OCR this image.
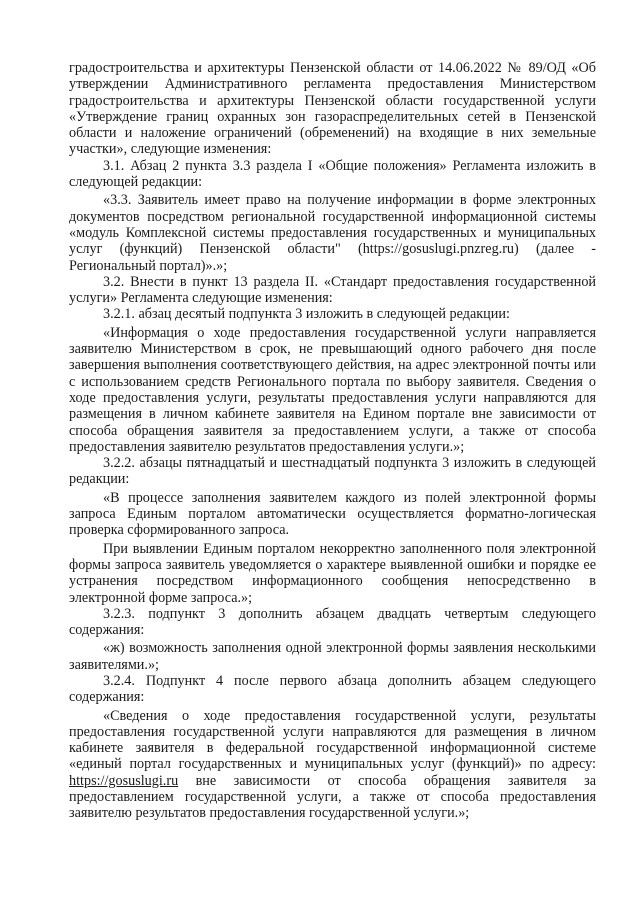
градостроительства и архитектуры Пензенской области от 14.06.2022 № 89/ОД «Об утверждении Административного регламента предоставления Министерством градостроительства и архитектуры Пензенской области государственной услуги «Утверждение границ охранных зон газораспределительных сетей в Пензенской области и наложение ограничений (обременений) на входящие в них земельные участки», следующие изменения:

3.1. Абзац 2 пункта 3.3 раздела I «Общие положения» Регламента изложить в следующей редакции:

«3.3. Заявитель имеет право на получение информации в форме электронных документов посредством региональной государственной информационной системы «модуль Комплексной системы предоставления государственных и муниципальных услуг (функций) Пензенской области" (https://gosuslugi.pnzreg.ru) (далее - Региональный портал)».»;

3.2. Внести в пункт 13 раздела II. «Стандарт предоставления государственной услуги» Регламента следующие изменения:

3.2.1. абзац десятый подпункта 3 изложить в следующей редакции:

«Информация о ходе предоставления государственной услуги направляется заявителю Министерством в срок, не превышающий одного рабочего дня после завершения выполнения соответствующего действия, на адрес электронной почты или с использованием средств Регионального портала по выбору заявителя. Сведения о ходе предоставления услуги, результаты предоставления услуги направляются для размещения в личном кабинете заявителя на Едином портале вне зависимости от способа обращения заявителя за предоставлением услуги, а также от способа предоставления заявителю результатов предоставления услуги.»;

3.2.2. абзацы пятнадцатый и шестнадцатый подпункта 3 изложить в следующей редакции:

«В процессе заполнения заявителем каждого из полей электронной формы запроса Единым порталом автоматически осуществляется форматно-логическая проверка сформированного запроса.

При выявлении Единым порталом некорректно заполненного поля электронной формы запроса заявитель уведомляется о характере выявленной ошибки и порядке ее устранения посредством информационного сообщения непосредственно в электронной форме запроса.»;

3.2.3. подпункт 3 дополнить абзацем двадцать четвертым следующего содержания:

«ж) возможность заполнения одной электронной формы заявления несколькими заявителями.»;

3.2.4. Подпункт 4 после первого абзаца дополнить абзацем следующего содержания:

«Сведения о ходе предоставления государственной услуги, результаты предоставления государственной услуги направляются для размещения в личном кабинете заявителя в федеральной государственной информационной системе «единый портал государственных и муниципальных услуг (функций)» по адресу: https://gosuslugi.ru вне зависимости от способа обращения заявителя за предоставлением государственной услуги, а также от способа предоставления заявителю результатов предоставления государственной услуги.»;
